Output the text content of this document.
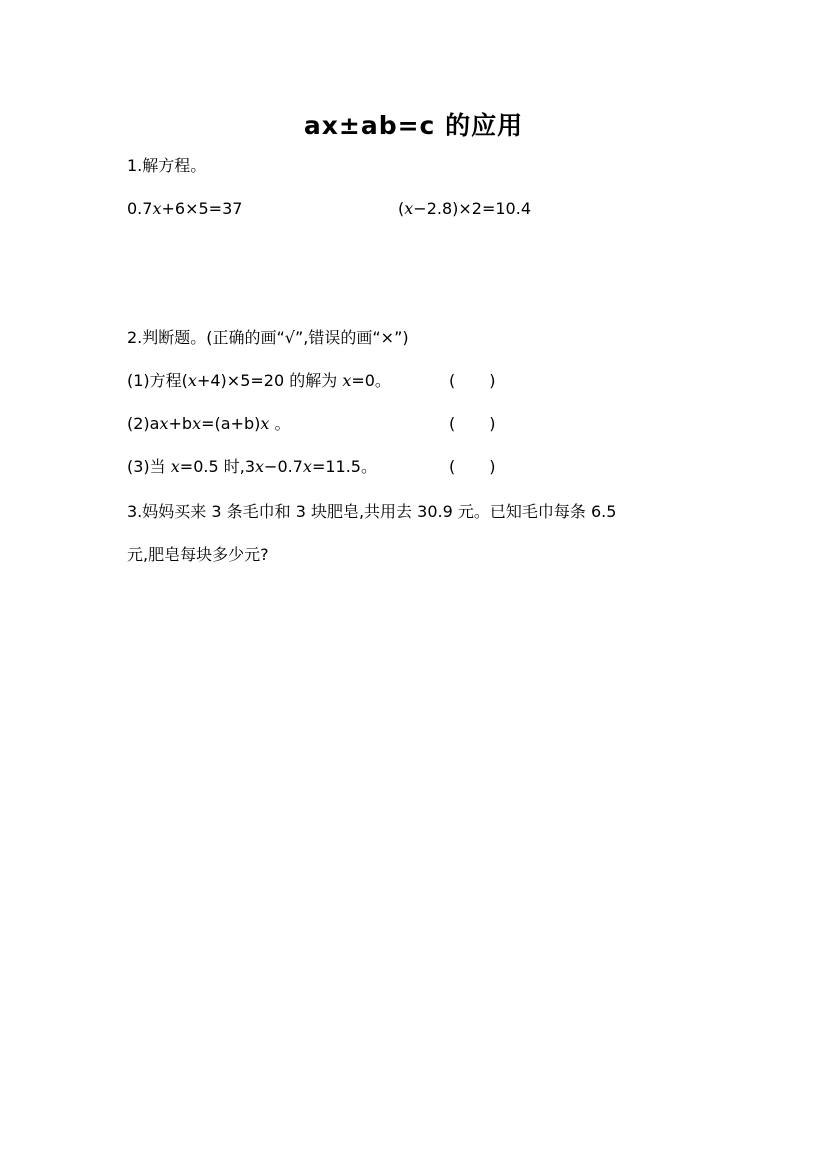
ax±ab=c 的应用
1.解方程。
0.7x+6×5=37	(x−2.8)×2=10.4
2.判断题。(正确的画“√”,错误的画“×”)
(1)方程(x+4)×5=20 的解为 x=0。	( )
(2)ax+bx=(a+b)x 。	( )
(3)当 x=0.5 时,3x−0.7x=11.5。	( )
3.妈妈买来 3 条毛巾和 3 块肥皂,共用去 30.9 元。已知毛巾每条 6.5
元,肥皂每块多少元?
